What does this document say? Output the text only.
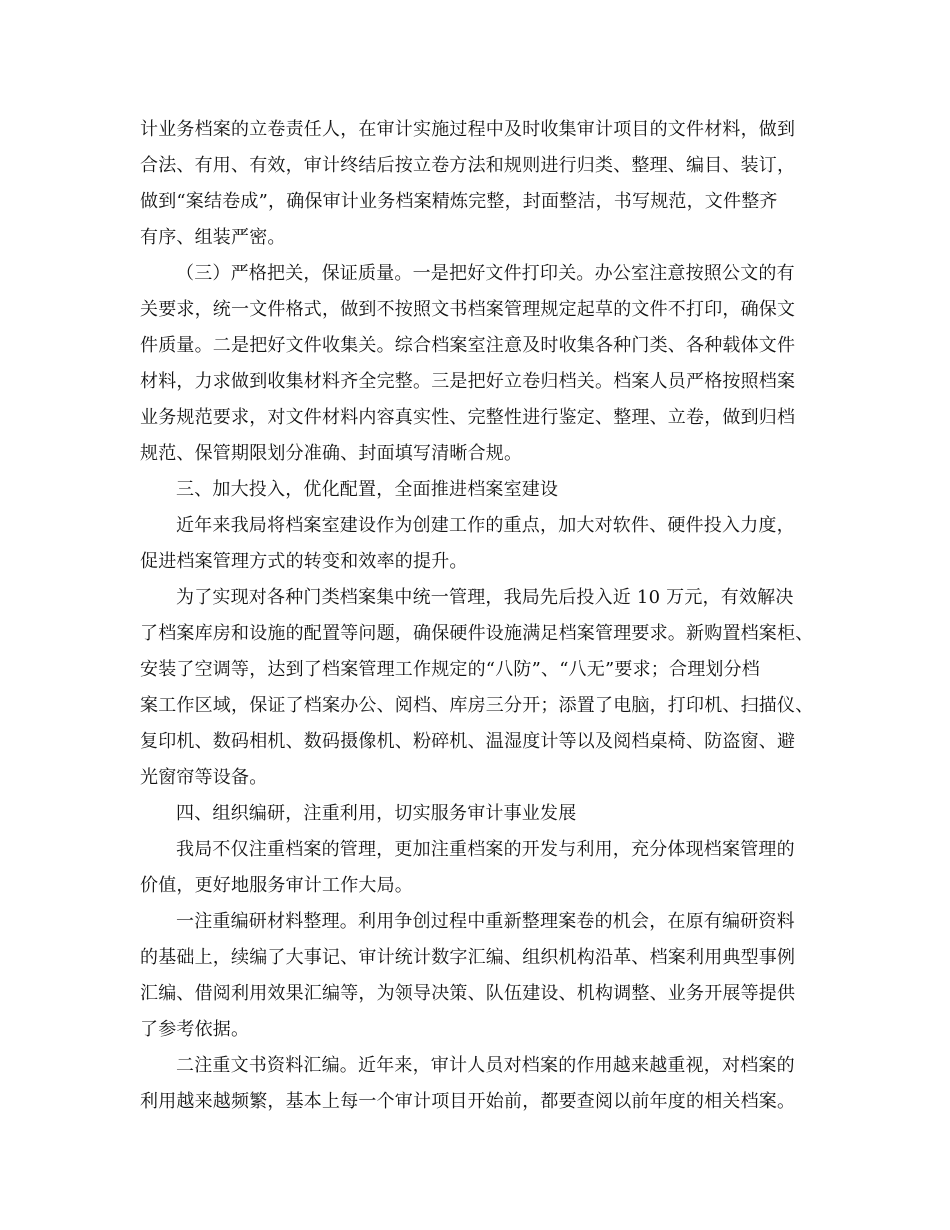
计业务档案的立卷责任人，在审计实施过程中及时收集审计项目的文件材料，做到
合法、有用、有效，审计终结后按立卷方法和规则进行归类、整理、编目、装订，
做到“案结卷成”，确保审计业务档案精炼完整，封面整洁，书写规范，文件整齐
有序、组装严密。
（三）严格把关，保证质量。一是把好文件打印关。办公室注意按照公文的有
关要求，统一文件格式，做到不按照文书档案管理规定起草的文件不打印，确保文
件质量。二是把好文件收集关。综合档案室注意及时收集各种门类、各种载体文件
材料，力求做到收集材料齐全完整。三是把好立卷归档关。档案人员严格按照档案
业务规范要求，对文件材料内容真实性、完整性进行鉴定、整理、立卷，做到归档
规范、保管期限划分准确、封面填写清晰合规。
三、加大投入，优化配置，全面推进档案室建设
近年来我局将档案室建设作为创建工作的重点，加大对软件、硬件投入力度，
促进档案管理方式的转变和效率的提升。
为了实现对各种门类档案集中统一管理，我局先后投入近 10 万元，有效解决
了档案库房和设施的配置等问题，确保硬件设施满足档案管理要求。新购置档案柜、
安装了空调等，达到了档案管理工作规定的“八防”、“八无”要求；合理划分档
案工作区域，保证了档案办公、阅档、库房三分开；添置了电脑，打印机、扫描仪、
复印机、数码相机、数码摄像机、粉碎机、温湿度计等以及阅档桌椅、防盗窗、避
光窗帘等设备。
四、组织编研，注重利用，切实服务审计事业发展
我局不仅注重档案的管理，更加注重档案的开发与利用，充分体现档案管理的
价值，更好地服务审计工作大局。
一注重编研材料整理。利用争创过程中重新整理案卷的机会，在原有编研资料
的基础上，续编了大事记、审计统计数字汇编、组织机构沿革、档案利用典型事例
汇编、借阅利用效果汇编等，为领导决策、队伍建设、机构调整、业务开展等提供
了参考依据。
二注重文书资料汇编。近年来，审计人员对档案的作用越来越重视，对档案的
利用越来越频繁，基本上每一个审计项目开始前，都要查阅以前年度的相关档案。
